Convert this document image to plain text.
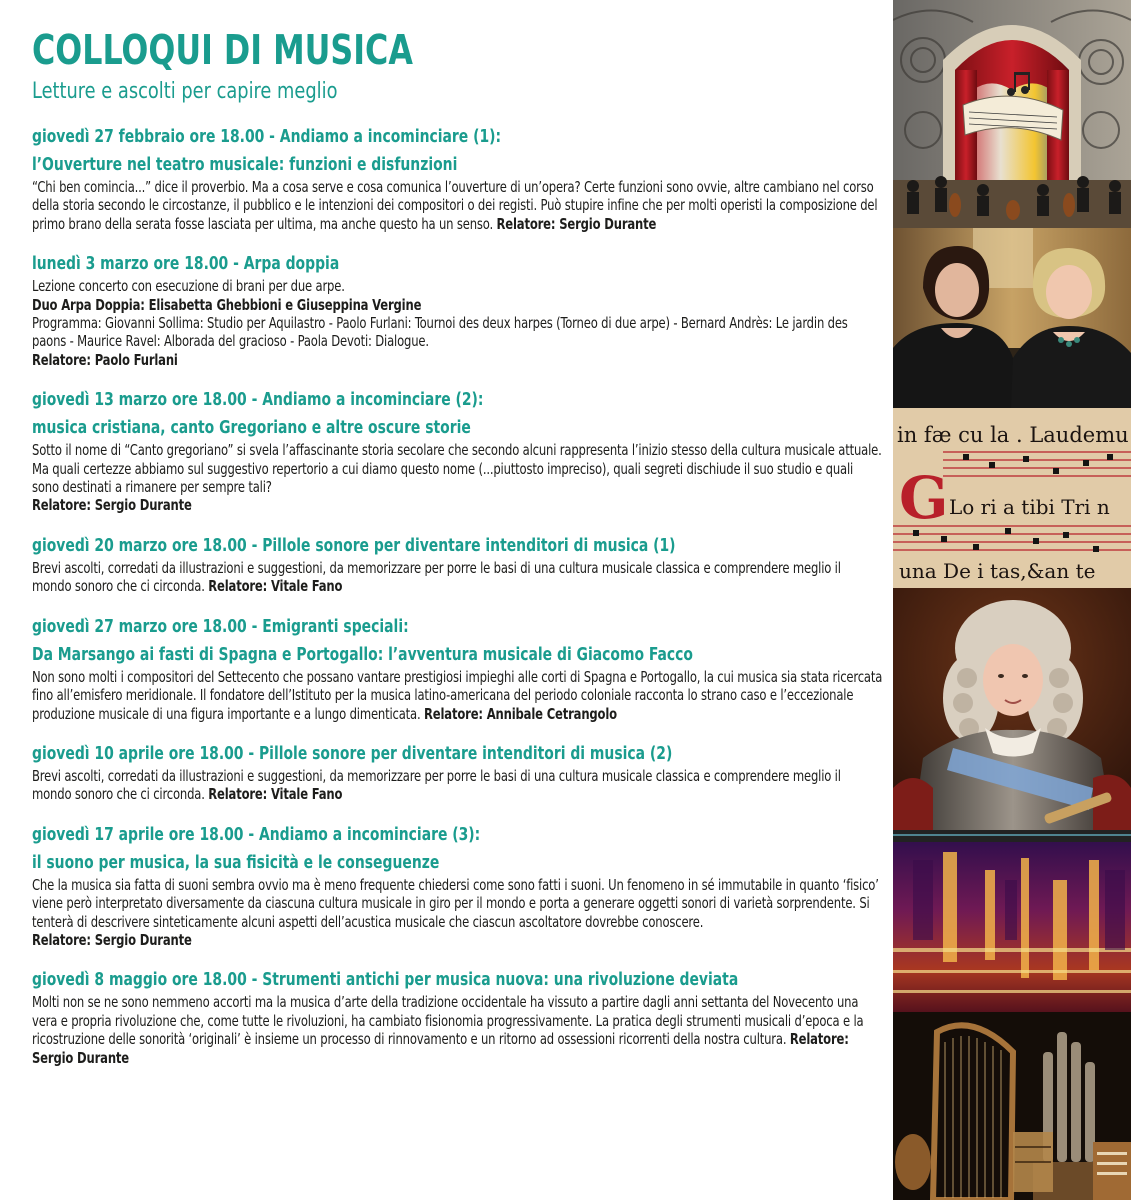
COLLOQUI DI MUSICA
Letture e ascolti per capire meglio
giovedì 27 febbraio ore 18.00 - Andiamo a incominciare (1):
l’Ouverture nel teatro musicale: funzioni e disfunzioni
“Chi ben comincia...” dice il proverbio. Ma a cosa serve e cosa comunica l’ouverture di un’opera? Certe funzioni sono ovvie, altre cambiano nel corso della storia secondo le circostanze, il pubblico e le intenzioni dei compositori o dei registi. Può stupire infine che per molti operisti la composizione del primo brano della serata fosse lasciata per ultima, ma anche questo ha un senso. Relatore: Sergio Durante
lunedì 3 marzo ore 18.00 - Arpa doppia

Lezione concerto con esecuzione di brani per due arpe.

Duo Arpa Doppia: Elisabetta Ghebbioni e Giuseppina Vergine

Programma: Giovanni Sollima: Studio per Aquilastro - Paolo Furlani: Tournoi des deux harpes (Torneo di due arpe) - Bernard Andrès: Le jardin des paons - Maurice Ravel: Alborada del gracioso - Paola Devoti: Dialogue.

Relatore: Paolo Furlani

giovedì 13 marzo ore 18.00 - Andiamo a incominciare (2):
musica cristiana, canto Gregoriano e altre oscure storie

Sotto il nome di “Canto gregoriano” si svela l’affascinante storia secolare che secondo alcuni rappresenta l’inizio stesso della cultura musicale attuale. Ma quali certezze abbiamo sul suggestivo repertorio a cui diamo questo nome (...piuttosto impreciso), quali segreti dischiude il suo studio e quali sono destinati a rimanere per sempre tali?

Relatore: Sergio Durante

giovedì 20 marzo ore 18.00 - Pillole sonore per diventare intenditori di musica (1)
Brevi ascolti, corredati da illustrazioni e suggestioni, da memorizzare per porre le basi di una cultura musicale classica e comprendere meglio il mondo sonoro che ci circonda. Relatore: Vitale Fano
giovedì 27 marzo ore 18.00 - Emigranti speciali:
Da Marsango ai fasti di Spagna e Portogallo: l’avventura musicale di Giacomo Facco
Non sono molti i compositori del Settecento che possano vantare prestigiosi impieghi alle corti di Spagna e Portogallo, la cui musica sia stata ricercata fino all’emisfero meridionale. Il fondatore dell’Istituto per la musica latino-americana del periodo coloniale racconta lo strano caso e l’eccezionale produzione musicale di una figura importante e a lungo dimenticata. Relatore: Annibale Cetrangolo
giovedì 10 aprile ore 18.00 - Pillole sonore per diventare intenditori di musica (2)
Brevi ascolti, corredati da illustrazioni e suggestioni, da memorizzare per porre le basi di una cultura musicale classica e comprendere meglio il mondo sonoro che ci circonda. Relatore: Vitale Fano
giovedì 17 aprile ore 18.00 - Andiamo a incominciare (3):
il suono per musica, la sua fisicità e le conseguenze

Che la musica sia fatta di suoni sembra ovvio ma è meno frequente chiedersi come sono fatti i suoni. Un fenomeno in sé immutabile in quanto ‘fisico’ viene però interpretato diversamente da ciascuna cultura musicale in giro per il mondo e porta a generare oggetti sonori di varietà sorprendente. Si tenterà di descrivere sinteticamente alcuni aspetti dell’acustica musicale che ciascun ascoltatore dovrebbe conoscere.

Relatore: Sergio Durante

giovedì 8 maggio ore 18.00 - Strumenti antichi per musica nuova: una rivoluzione deviata
Molti non se ne sono nemmeno accorti ma la musica d’arte della tradizione occidentale ha vissuto a partire dagli anni settanta del Novecento una vera e propria rivoluzione che, come tutte le rivoluzioni, ha cambiato fisionomia progressivamente. La pratica degli strumenti musicali d’epoca e la ricostruzione delle sonorità ‘originali’ è insieme un processo di rinnovamento e un ritorno ad ossessioni ricorrenti della nostra cultura. Relatore: Sergio Durante
in fæ cu la . Laudemu
G Lo ri a tibi Tri n
una De i tas,&an te
